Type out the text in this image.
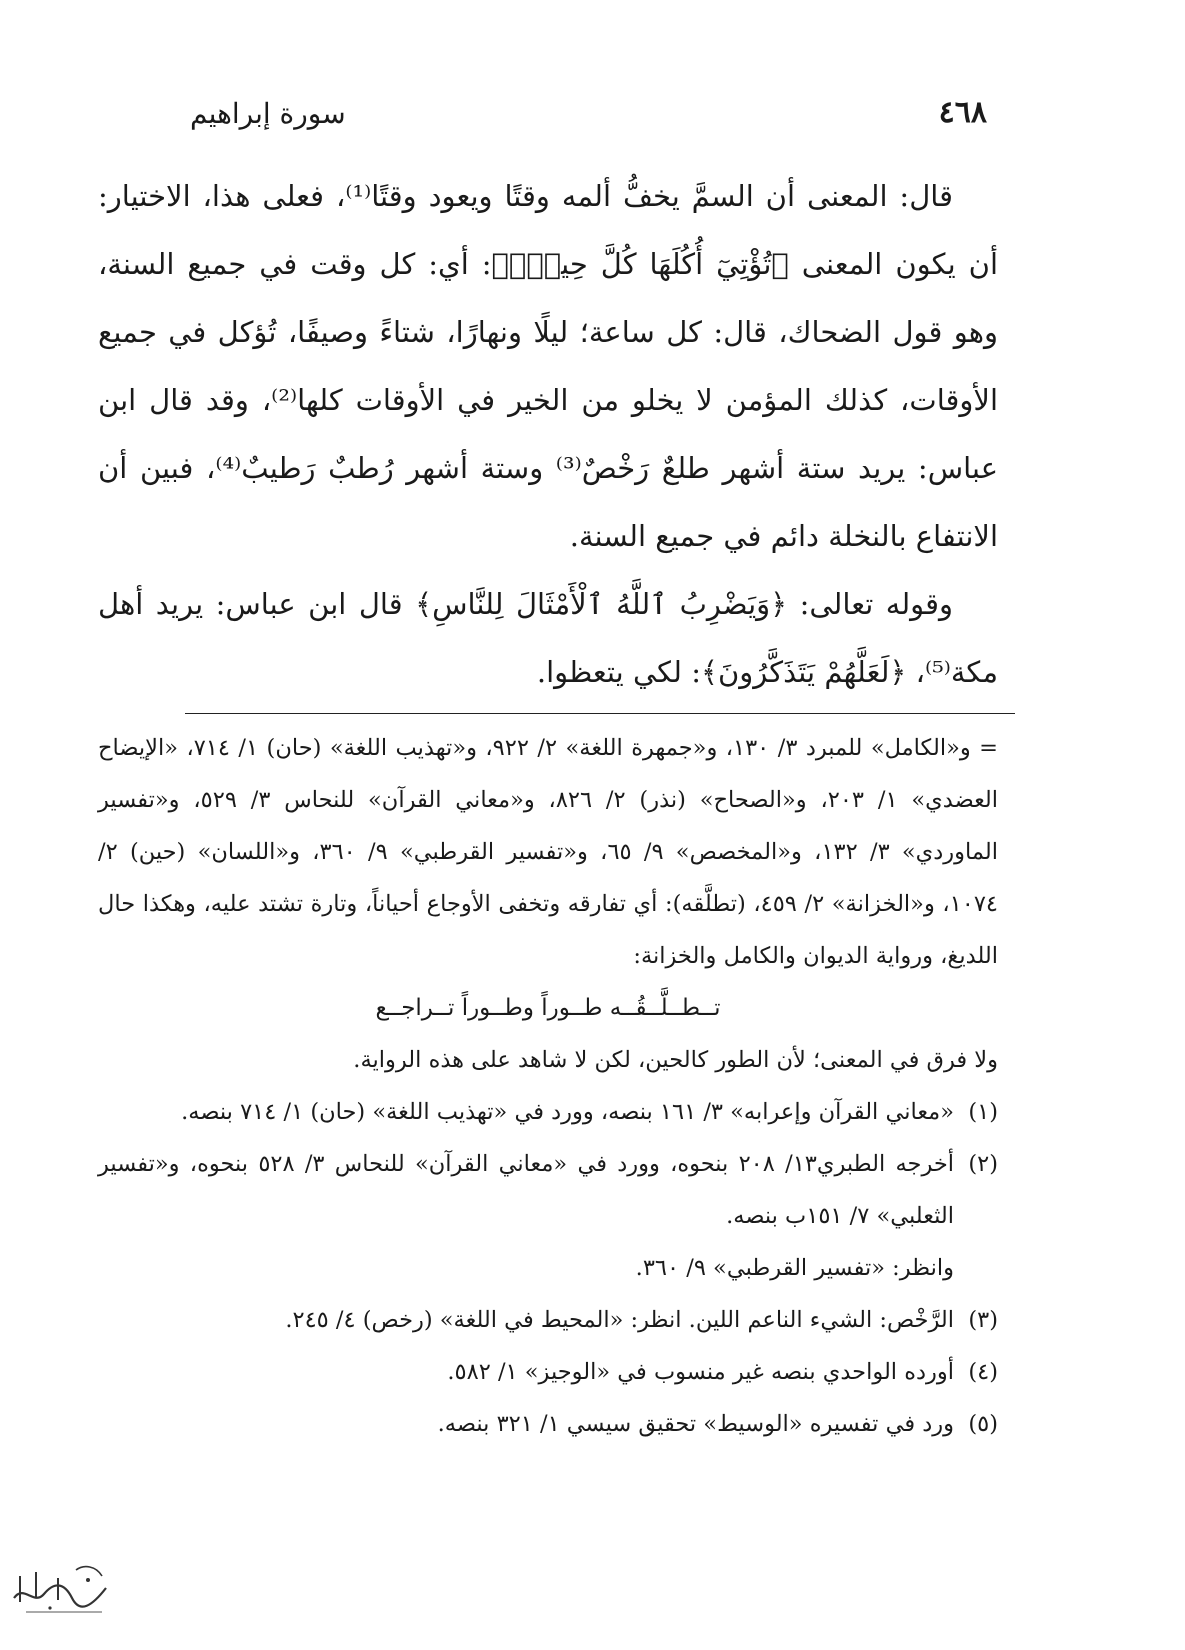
٤٦٨
سورة إبراهيم

قال: المعنى أن السمَّ يخفُّ ألمه وقتًا ويعود وقتًا⁽¹⁾، فعلى هذا، الاختيار: أن يكون المعنى ﴿تُؤْتِيٓ أُكُلَهَا كُلَّ حِينٍۭ﴾: أي: كل وقت في جميع السنة، وهو قول الضحاك، قال: كل ساعة؛ ليلًا ونهارًا، شتاءً وصيفًا، تُؤكل في جميع الأوقات، كذلك المؤمن لا يخلو من الخير في الأوقات كلها⁽²⁾، وقد قال ابن عباس: يريد ستة أشهر طلعٌ رَخْصٌ⁽³⁾ وستة أشهر رُطبٌ رَطيبٌ⁽⁴⁾، فبين أن الانتفاع بالنخلة دائم في جميع السنة.

وقوله تعالى: ﴿وَيَضْرِبُ ٱللَّهُ ٱلْأَمْثَالَ لِلنَّاسِ﴾ قال ابن عباس: يريد أهل مكة⁽⁵⁾، ﴿لَعَلَّهُمْ يَتَذَكَّرُونَ﴾: لكي يتعظوا.

= و«الكامل» للمبرد ٣/ ١٣٠، و«جمهرة اللغة» ٢/ ٩٢٢، و«تهذيب اللغة» (حان) ١/ ٧١٤، «الإيضاح العضدي» ١/ ٢٠٣، و«الصحاح» (نذر) ٢/ ٨٢٦، و«معاني القرآن» للنحاس ٣/ ٥٢٩، و«تفسير الماوردي» ٣/ ١٣٢، و«المخصص» ٩/ ٦٥، و«تفسير القرطبي» ٩/ ٣٦٠، و«اللسان» (حين) ٢/ ١٠٧٤، و«الخزانة» ٢/ ٤٥٩، (تطلَّقه): أي تفارقه وتخفى الأوجاع أحياناً، وتارة تشتد عليه، وهكذا حال اللديغ، ورواية الديوان والكامل والخزانة:

تــطــلَّــقُــه طــوراً وطــوراً تــراجــع

ولا فرق في المعنى؛ لأن الطور كالحين، لكن لا شاهد على هذه الرواية.

(١)

«معاني القرآن وإعرابه» ٣/ ١٦١ بنصه، وورد في «تهذيب اللغة» (حان) ١/ ٧١٤ بنصه.

(٢)

أخرجه الطبري١٣/ ٢٠٨ بنحوه، وورد في «معاني القرآن» للنحاس ٣/ ٥٢٨ بنحوه، و«تفسير الثعلبي» ٧/ ١٥١ب بنصه.

وانظر: «تفسير القرطبي» ٩/ ٣٦٠.

(٣)

الرَّخْص: الشيء الناعم اللين. انظر: «المحيط في اللغة» (رخص) ٤/ ٢٤٥.

(٤)

أورده الواحدي بنصه غير منسوب في «الوجيز» ١/ ٥٨٢.

(٥)

ورد في تفسيره «الوسيط» تحقيق سيسي ١/ ٣٢١ بنصه.
